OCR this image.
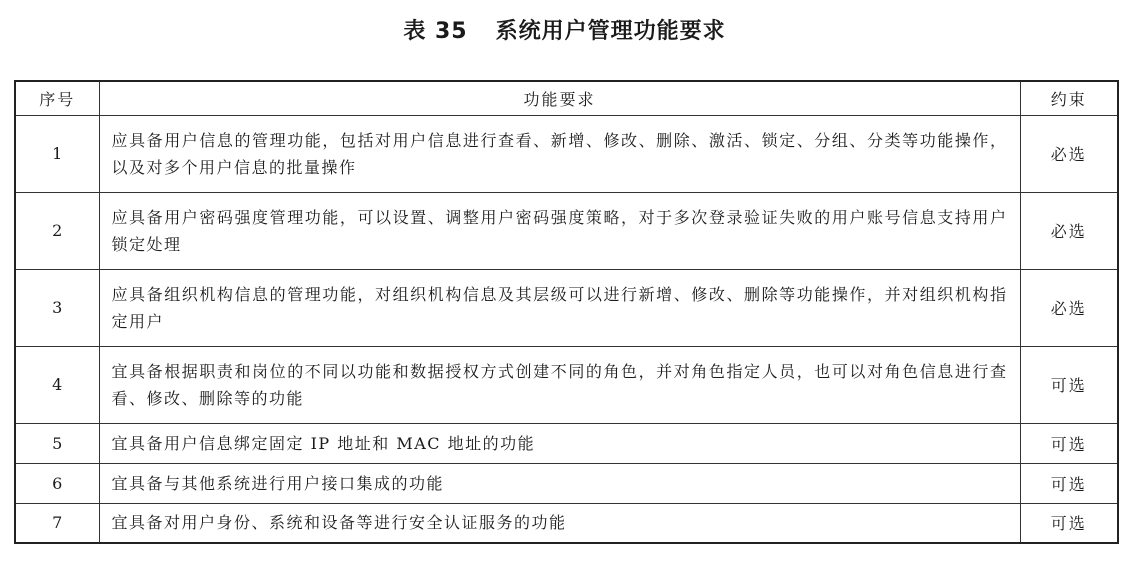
表 35 系统用户管理功能要求
序号	功能要求	约束
1	应具备用户信息的管理功能，包括对用户信息进行查看、新增、修改、删除、激活、锁定、分组、分类等功能操作，以及对多个用户信息的批量操作	必选
2	应具备用户密码强度管理功能，可以设置、调整用户密码强度策略，对于多次登录验证失败的用户账号信息支持用户锁定处理	必选
3	应具备组织机构信息的管理功能，对组织机构信息及其层级可以进行新增、修改、删除等功能操作，并对组织机构指定用户	必选
4	宜具备根据职责和岗位的不同以功能和数据授权方式创建不同的角色，并对角色指定人员，也可以对角色信息进行查看、修改、删除等的功能	可选
5	宜具备用户信息绑定固定 IP 地址和 MAC 地址的功能	可选
6	宜具备与其他系统进行用户接口集成的功能	可选
7	宜具备对用户身份、系统和设备等进行安全认证服务的功能	可选
